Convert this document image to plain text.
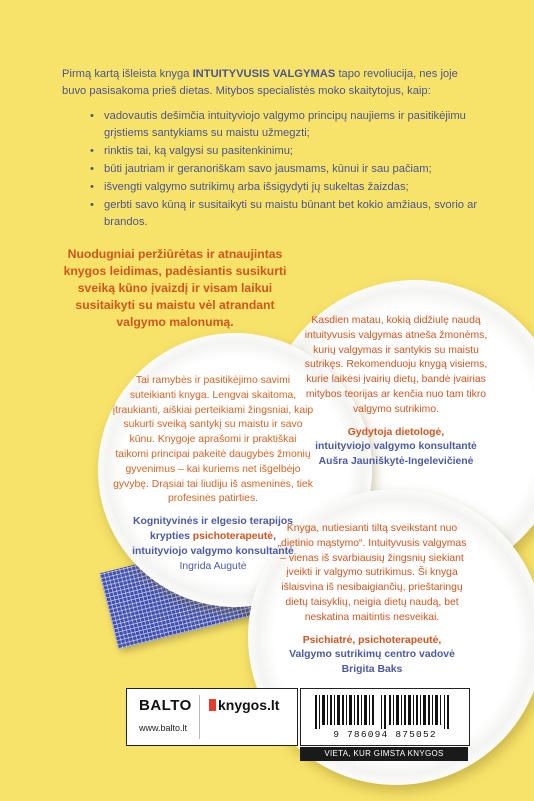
Pirmą kartą išleista knyga INTUITYVUSIS VALGYMAS tapo revoliucija, nes joje buvo pasisakoma prieš dietas. Mitybos specialistės moko skaitytojus, kaip:

• vadovautis dešimčia intuityviojo valgymo principų naujiems ir pasitikėjimu grįstiems santykiams su maistu užmegzti;
• rinktis tai, ką valgysi su pasitenkinimu;
• būti jautriam ir geranoriškam savo jausmams, kūnui ir sau pačiam;
• išvengti valgymo sutrikimų arba išsigydyti jų sukeltas žaizdas;
• gerbti savo kūną ir susitaikyti su maistu būnant bet kokio amžiaus, svorio ar brandos.
Nuodugniai peržiūrėtas ir atnaujintas knygos leidimas, padėsiantis susikurti sveiką kūno įvaizdį ir visam laikui susitaikyti su maistu vėl atrandant valgymo malonumą.
Tai ramybės ir pasitikėjimo savimi suteikianti knyga. Lengvai skaitoma, įtraukianti, aiškiai perteikiami žingsniai, kaip sukurti sveiką santykį su maistu ir savo kūnu. Knygoje aprašomi ir praktiškai taikomi principai pakeitė daugybės žmonių gyvenimus – kai kuriems net išgelbėjo gyvybę. Drąsiai tai liudiju iš asmeninės, tiek profesinės patirties.
Kognityvinės ir elgesio terapijos
krypties psichoterapeutė,
intuityviojo valgymo konsultantė
Ingrida Augutė
Kasdien matau, kokią didžiulę naudą intuityvusis valgymas atneša žmonėms, kurių valgymas ir santykis su maistu sutrikęs. Rekomenduoju knygą visiems, kurie laikėsi įvairių dietų, bandė įvairias mitybos teorijas ar kenčia nuo tam tikro valgymo sutrikimo.
Gydytoja dietologė,
intuityviojo valgymo konsultantė
Aušra Jauniškytė-Ingelevičienė
Knyga, nutiesianti tiltą sveikstant nuo „dietinio mąstymo“. Intuityvusis valgymas – vienas iš svarbiausių žingsnių siekiant įveikti ir valgymo sutrikimus. Ši knyga išlaisvina iš nesibaigiančių, prieštaringų dietų taisyklių, neigia dietų naudą, bet neskatina maitintis nesveikai.
Psichiatrė, psichoterapeutė,
Valgymo sutrikimų centro vadovė
Brigita Baks
BALTO	knygos.lt
www.balto.lt
9 786094 875052
VIETA, KUR GIMSTA KNYGOS
